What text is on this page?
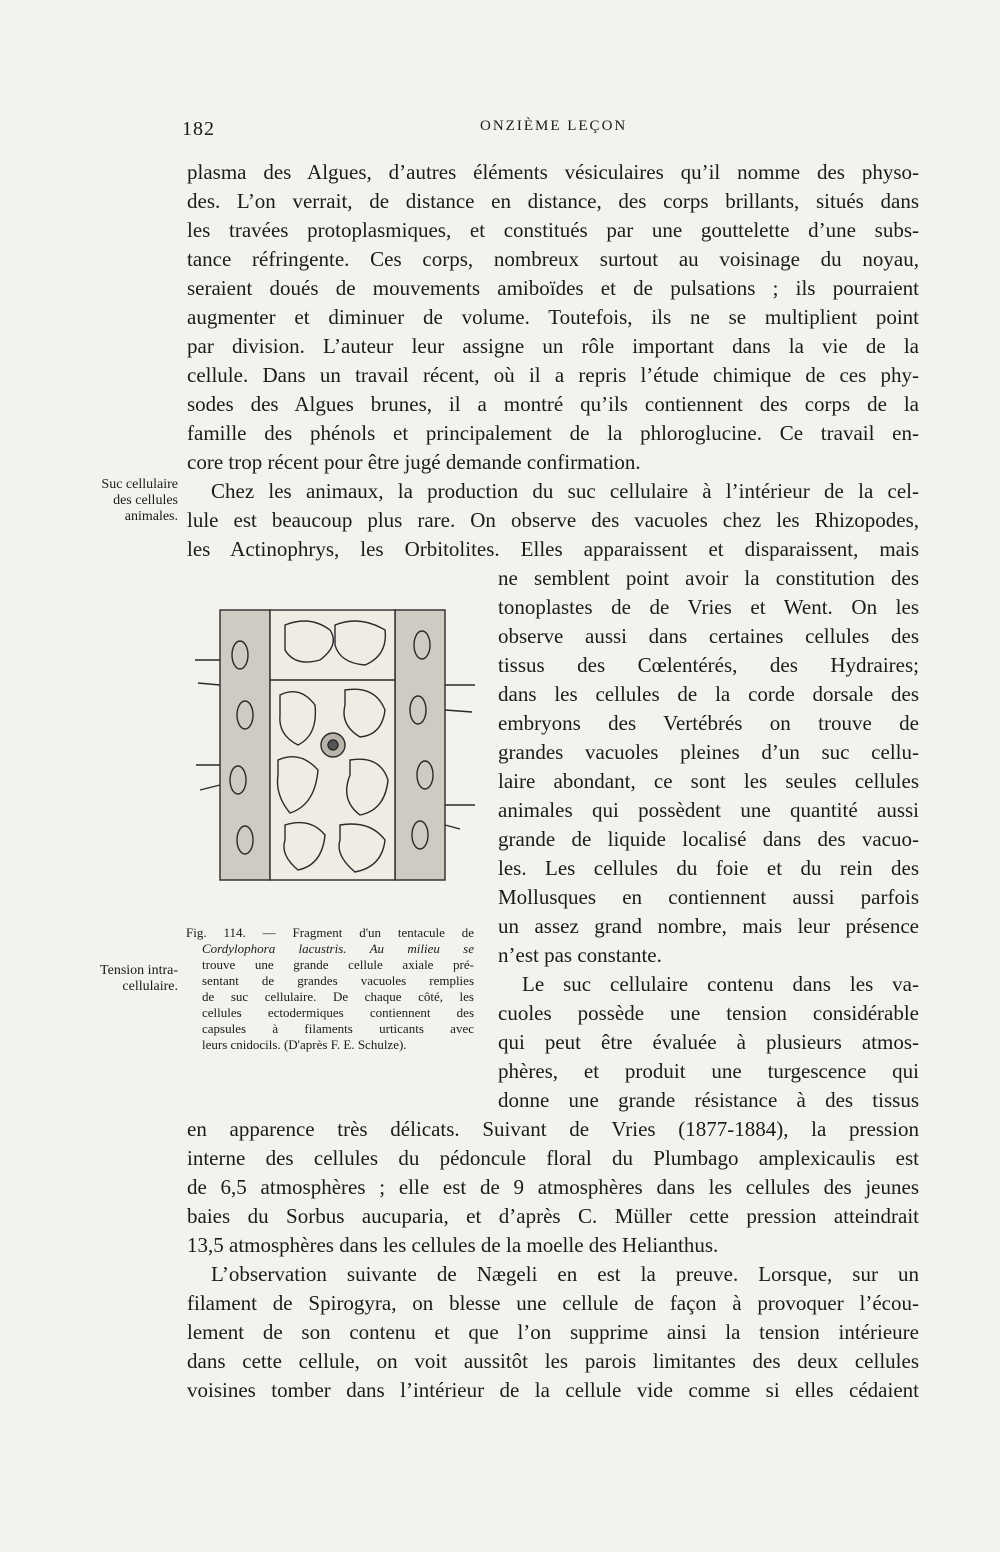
182	ONZIÈME LEÇON
plasma des Algues, d’autres éléments vésiculaires qu’il nomme des physo-
des. L’on verrait, de distance en distance, des corps brillants, situés dans
les travées protoplasmiques, et constitués par une gouttelette d’une subs-
tance réfringente. Ces corps, nombreux surtout au voisinage du noyau,
seraient doués de mouvements amiboïdes et de pulsations ; ils pourraient
augmenter et diminuer de volume. Toutefois, ils ne se multiplient point
par division. L’auteur leur assigne un rôle important dans la vie de la
cellule. Dans un travail récent, où il a repris l’étude chimique de ces phy-
sodes des Algues brunes, il a montré qu’ils contiennent des corps de la
famille des phénols et principalement de la phloroglucine. Ce travail en-
core trop récent pour être jugé demande confirmation.
Chez les animaux, la production du suc cellulaire à l’intérieur de la cel-
lule est beaucoup plus rare. On observe des vacuoles chez les Rhizopodes,
les Actinophrys, les Orbitolites. Elles apparaissent et disparaissent, mais
ne semblent point avoir la constitution des
tonoplastes de de Vries et Went. On les
observe aussi dans certaines cellules des
tissus des Cœlentérés, des Hydraires;
dans les cellules de la corde dorsale des
embryons des Vertébrés on trouve de
grandes vacuoles pleines d’un suc cellu-
laire abondant, ce sont les seules cellules
animales qui possèdent une quantité aussi
grande de liquide localisé dans des vacuo-
les. Les cellules du foie et du rein des
Mollusques en contiennent aussi parfois
un assez grand nombre, mais leur présence
n’est pas constante.
Le suc cellulaire contenu dans les va-
cuoles possède une tension considérable
qui peut être évaluée à plusieurs atmos-
phères, et produit une turgescence qui
donne une grande résistance à des tissus
en apparence très délicats. Suivant de Vries (1877-1884), la pression
interne des cellules du pédoncule floral du Plumbago amplexicaulis est
de 6,5 atmosphères ; elle est de 9 atmosphères dans les cellules des jeunes
baies du Sorbus aucuparia, et d’après C. Müller cette pression atteindrait
13,5 atmosphères dans les cellules de la moelle des Helianthus.
L’observation suivante de Nægeli en est la preuve. Lorsque, sur un
filament de Spirogyra, on blesse une cellule de façon à provoquer l’écou-
lement de son contenu et que l’on supprime ainsi la tension intérieure
dans cette cellule, on voit aussitôt les parois limitantes des deux cellules
voisines tomber dans l’intérieur de la cellule vide comme si elles cédaient
Suc cellulaire
des cellules
animales.
Tension intra-
cellulaire.
Fig. 114. — Fragment d'un tentacule de
Cordylophora lacustris. Au milieu se
trouve une grande cellule axiale pré-
sentant de grandes vacuoles remplies
de suc cellulaire. De chaque côté, les
cellules ectodermiques contiennent des
capsules à filaments urticants avec
leurs cnidocils. (D'après F. E. Schulze).
